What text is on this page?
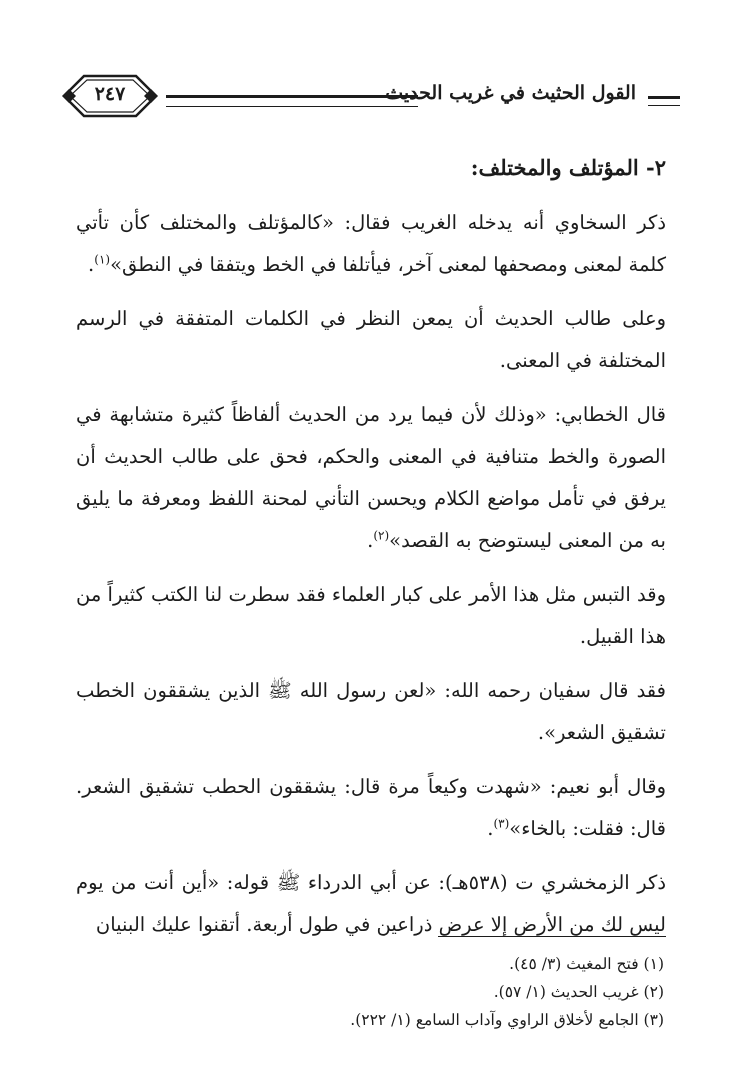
القول الحثيث في غريب الحديث
٢٤٧
٢- المؤتلف والمختلف:

ذكر السخاوي أنه يدخله الغريب فقال: «كالمؤتلف والمختلف كأن تأتي كلمة لمعنى ومصحفها لمعنى آخر، فيأتلفا في الخط ويتفقا في النطق»$^{(١)}$.

وعلى طالب الحديث أن يمعن النظر في الكلمات المتفقة في الرسم المختلفة في المعنى.

قال الخطابي: «وذلك لأن فيما يرد من الحديث ألفاظاً كثيرة متشابهة في الصورة والخط متنافية في المعنى والحكم، فحق على طالب الحديث أن يرفق في تأمل مواضع الكلام ويحسن التأني لمحنة اللفظ ومعرفة ما يليق به من المعنى ليستوضح به القصد»$^{(٢)}$.

وقد التبس مثل هذا الأمر على كبار العلماء فقد سطرت لنا الكتب كثيراً من هذا القبيل.

فقد قال سفيان رحمه الله: «لعن رسول الله ﷺ الذين يشققون الخطب تشقيق الشعر».

وقال أبو نعيم: «شهدت وكيعاً مرة قال: يشققون الحطب تشقيق الشعر. قال: فقلت: بالخاء»$^{(٣)}$.

ذكر الزمخشري ت (٥٣٨هـ): عن أبي الدرداء ﷺ قوله: «أين أنت من يوم ليس لك من الأرض إلا عرض ذراعين في طول أربعة. أتقنوا عليك البنيان

(١) فتح المغيث (٣/ ٤٥).

(٢) غريب الحديث (١/ ٥٧).

(٣) الجامع لأخلاق الراوي وآداب السامع (١/ ٢٢٢).
